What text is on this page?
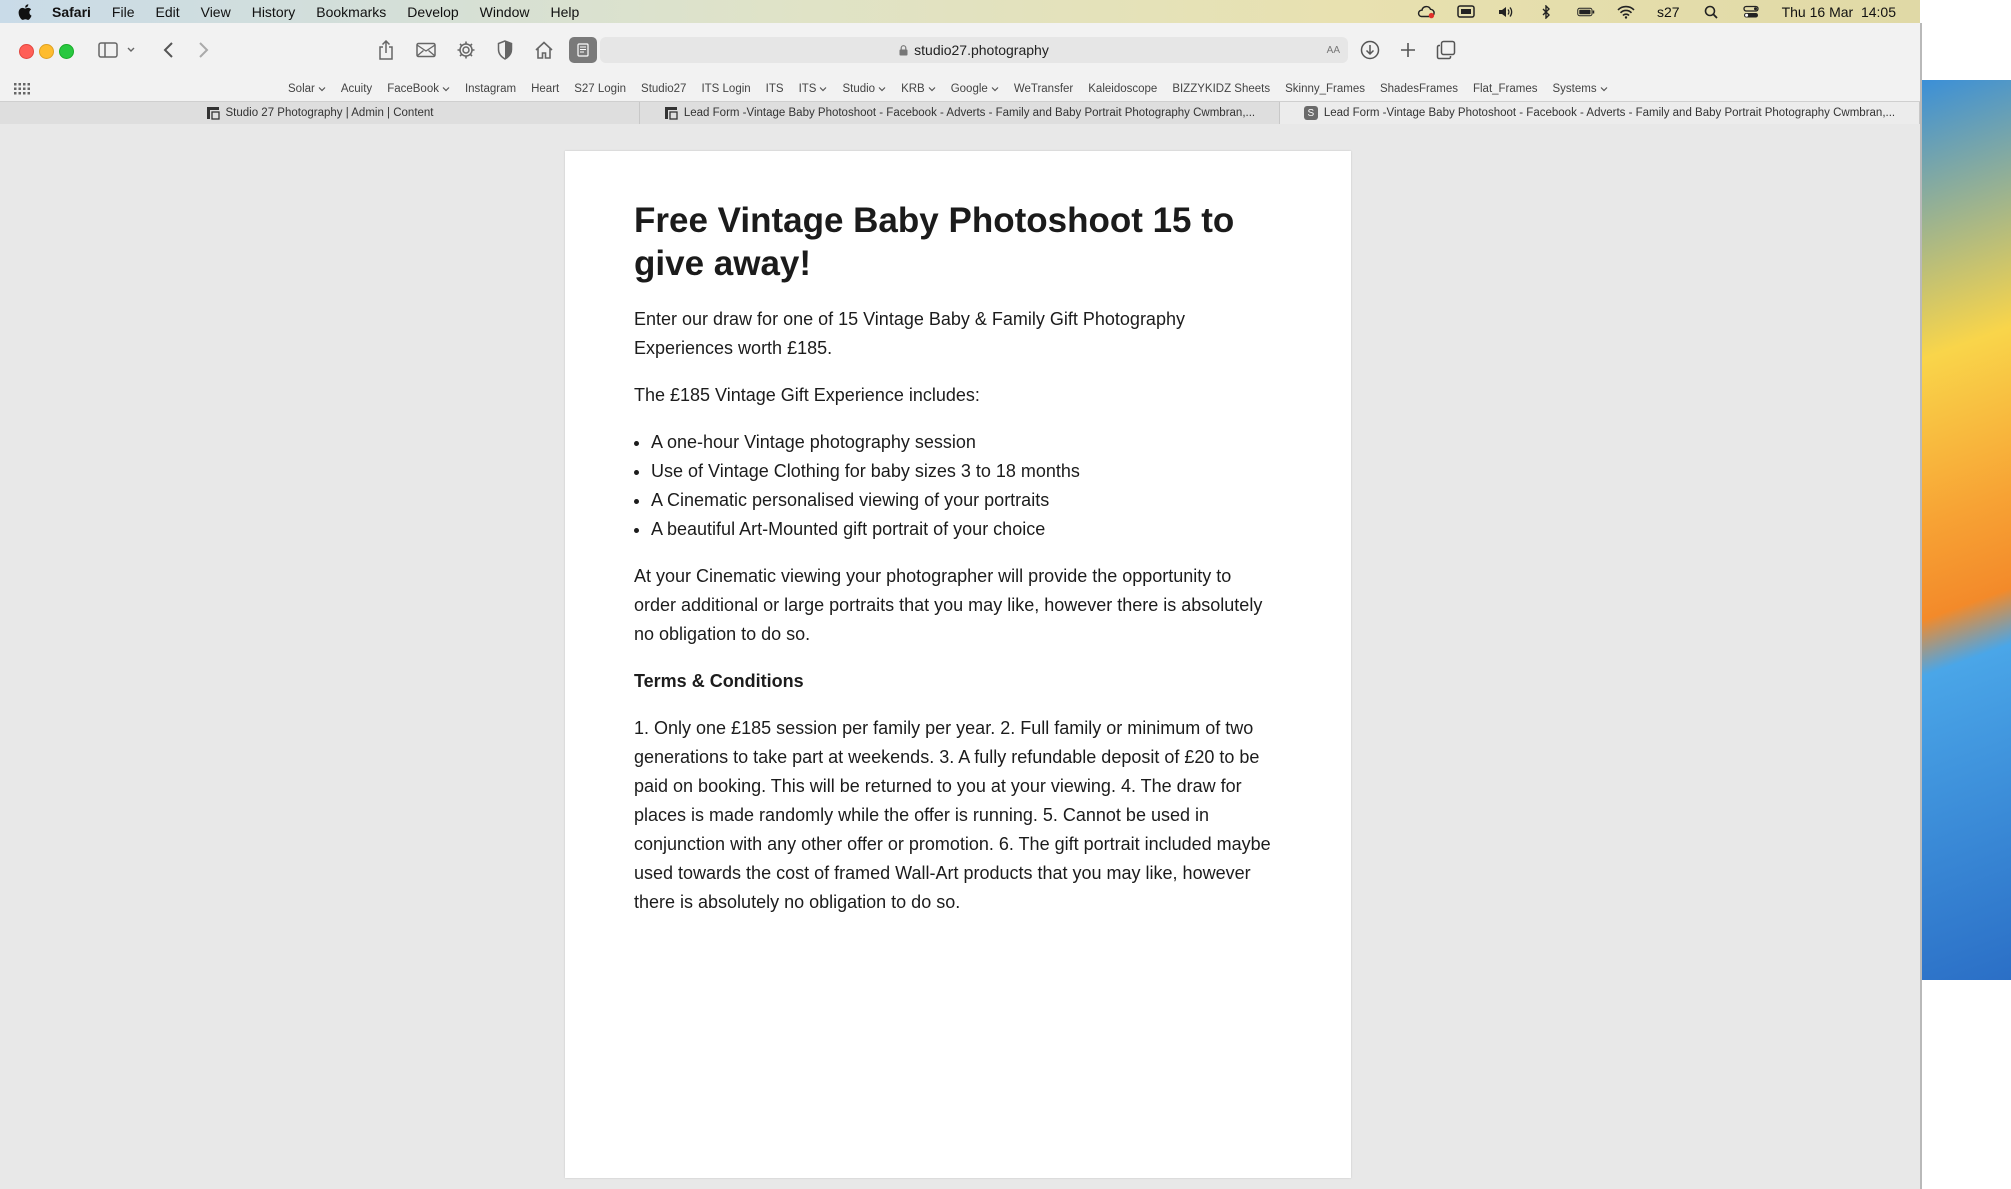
Safari File Edit View History Bookmarks Develop Window Help	s27	Thu 16 Mar  14:05
studio27.photography	AA
Solar Acuity FaceBook Instagram Heart S27 Login Studio27 ITS Login ITS ITS Studio KRB Google WeTransfer Kaleidoscope BIZZYKIDZ Sheets Skinny_Frames ShadesFrames Flat_Frames Systems
Studio 27 Photography | Admin | Content	Lead Form -Vintage Baby Photoshoot - Facebook - Adverts - Family and Baby Portrait Photography Cwmbran,...	S Lead Form -Vintage Baby Photoshoot - Facebook - Adverts - Family and Baby Portrait Photography Cwmbran,...
Free Vintage Baby Photoshoot 15 to give away!

Enter our draw for one of 15 Vintage Baby & Family Gift Photography Experiences worth £185.

The £185 Vintage Gift Experience includes:

• A one-hour Vintage photography session
• Use of Vintage Clothing for baby sizes 3 to 18 months
• A Cinematic personalised viewing of your portraits
• A beautiful Art-Mounted gift portrait of your choice

At your Cinematic viewing your photographer will provide the opportunity to order additional or large portraits that you may like, however there is absolutely no obligation to do so.

Terms & Conditions

1. Only one £185 session per family per year. 2. Full family or minimum of two generations to take part at weekends. 3. A fully refundable deposit of £20 to be paid on booking. This will be returned to you at your viewing. 4. The draw for places is made randomly while the offer is running. 5. Cannot be used in conjunction with any other offer or promotion. 6. The gift portrait included maybe used towards the cost of framed Wall-Art products that you may like, however there is absolutely no obligation to do so.
